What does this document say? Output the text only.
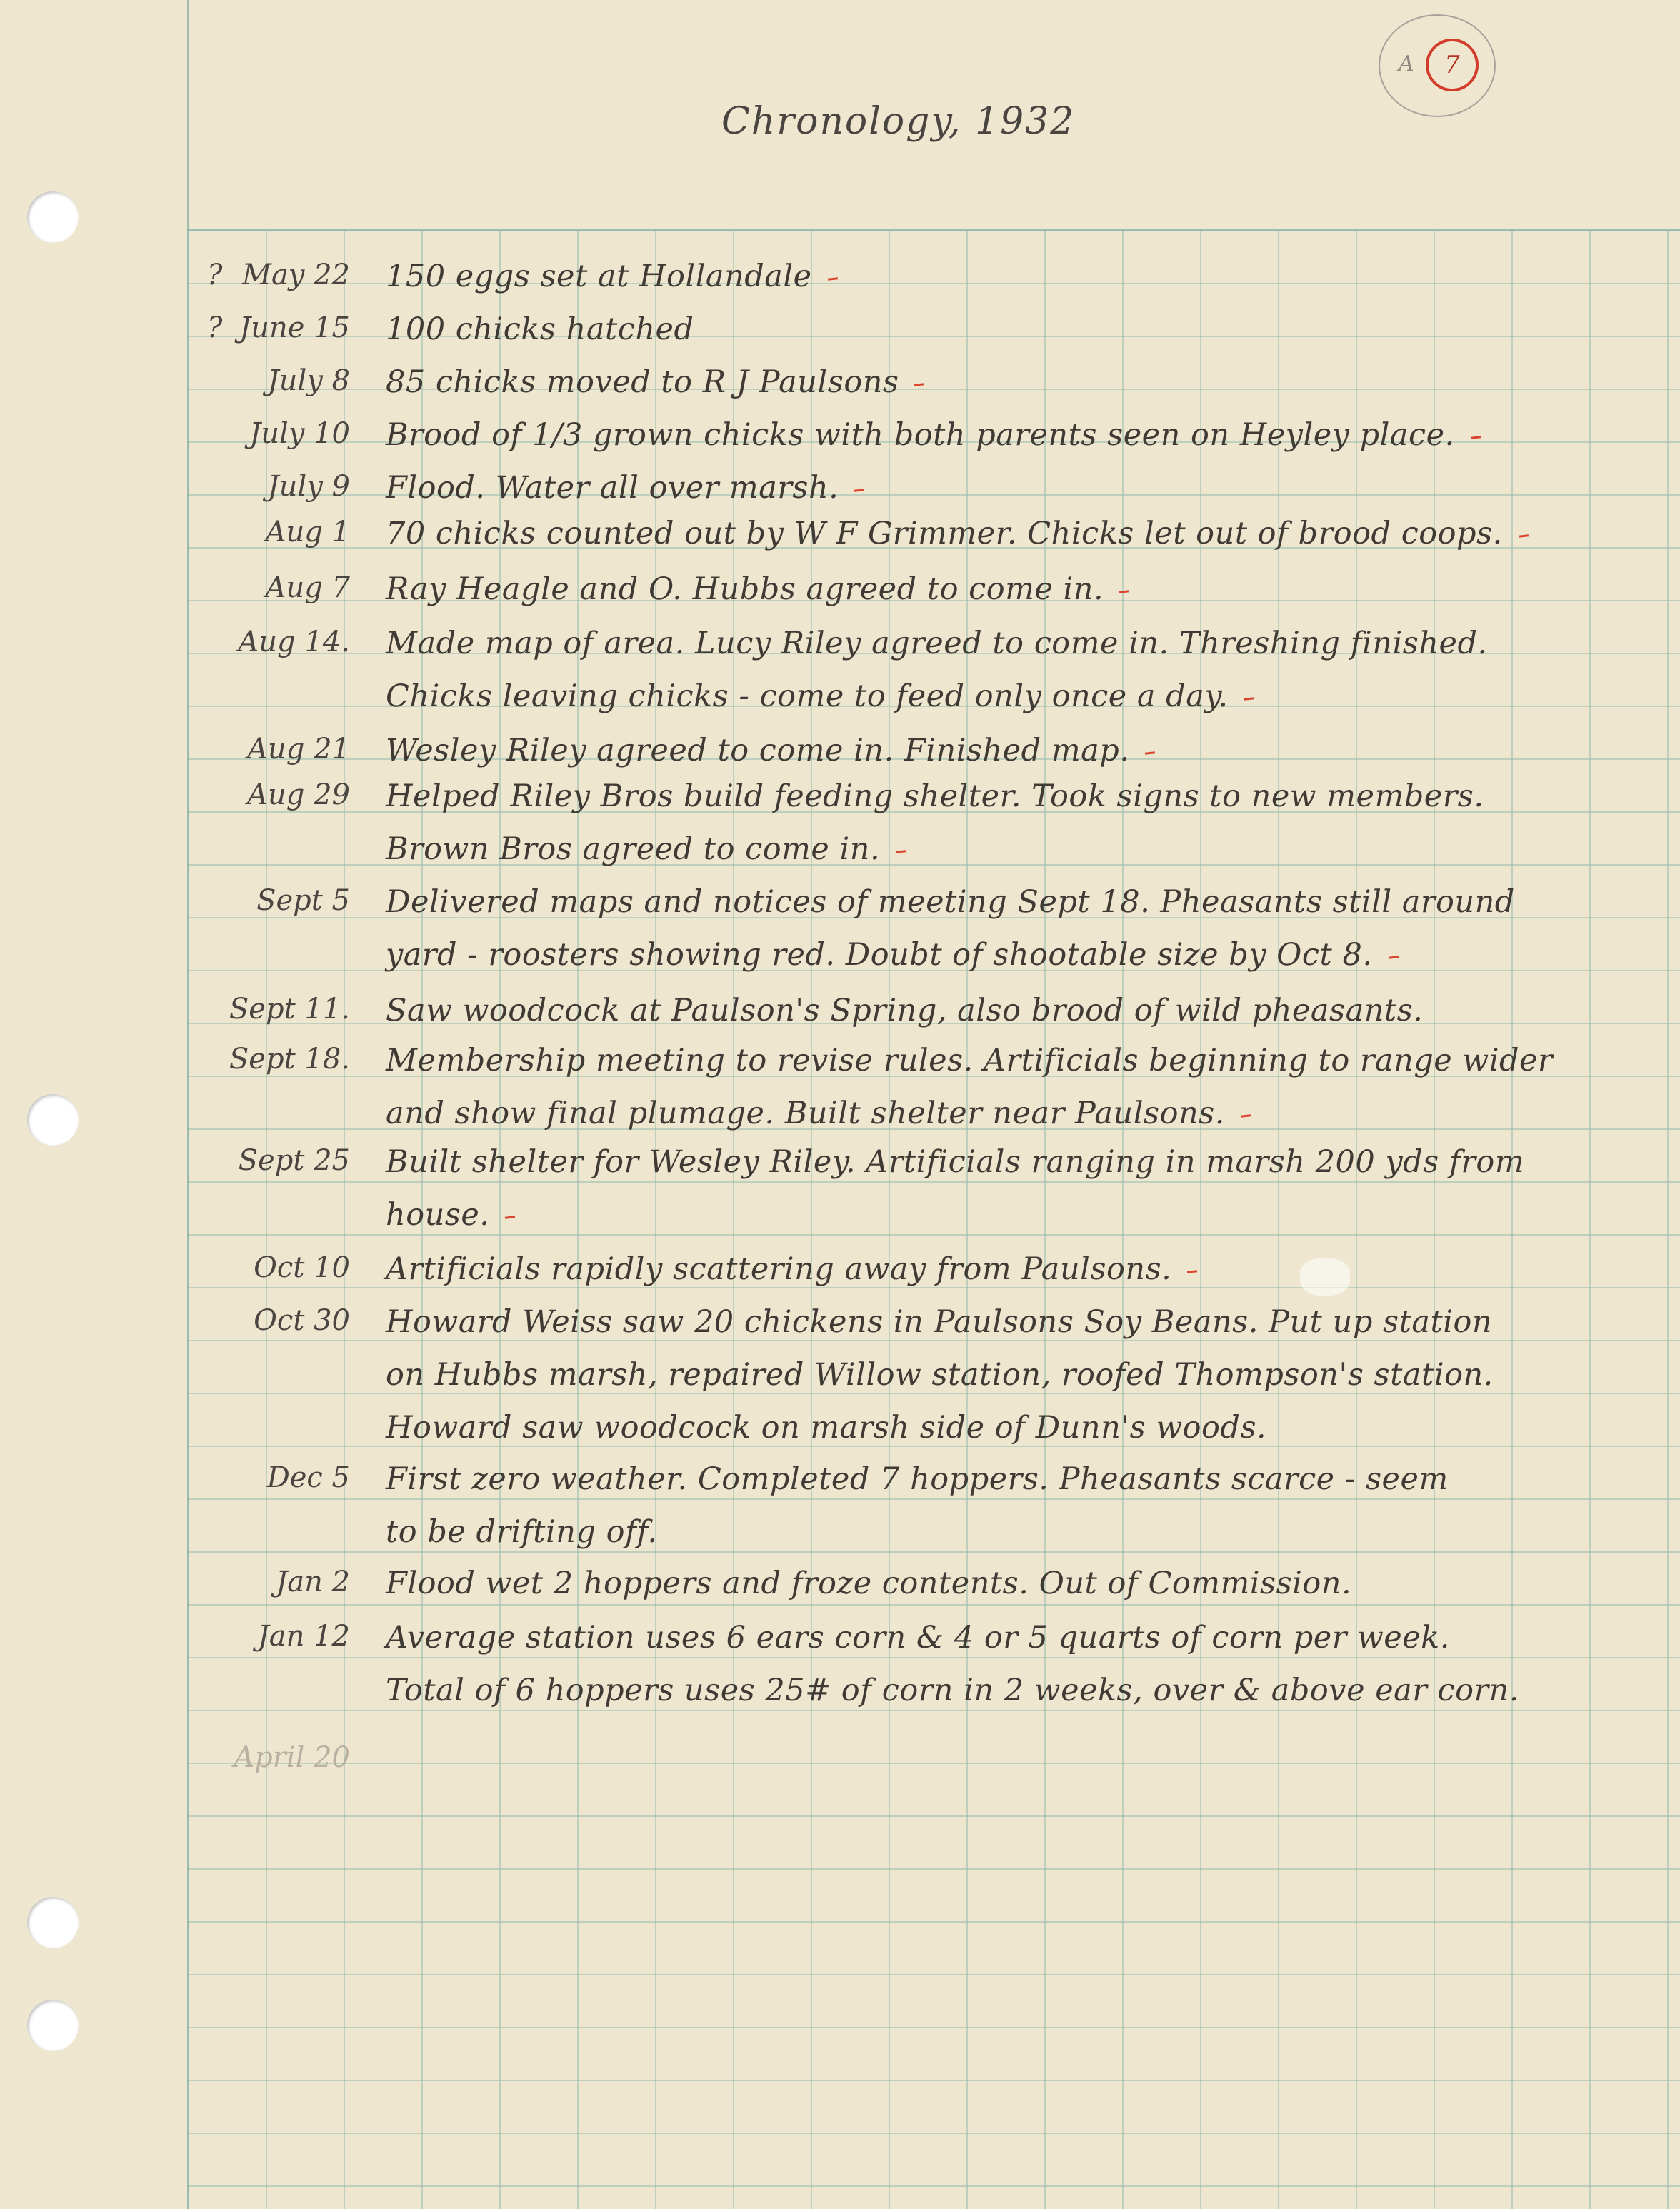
Chronology, 1932
A	7
? May 22 150 eggs set at Hollandale
? June 15 100 chicks hatched
July 8 85 chicks moved to R J Paulsons
July 10 Brood of 1/3 grown chicks with both parents seen on Heyley place.
July 9 Flood. Water all over marsh.
Aug 1 70 chicks counted out by W F Grimmer. Chicks let out of brood coops.
Aug 7 Ray Heagle and O. Hubbs agreed to come in.
Aug 14. Made map of area. Lucy Riley agreed to come in. Threshing finished.
Chicks leaving chicks - come to feed only once a day.
Aug 21 Wesley Riley agreed to come in. Finished map.
Aug 29 Helped Riley Bros build feeding shelter. Took signs to new members.
Brown Bros agreed to come in.
Sept 5 Delivered maps and notices of meeting Sept 18. Pheasants still around
yard - roosters showing red. Doubt of shootable size by Oct 8.
Sept 11. Saw woodcock at Paulson's Spring, also brood of wild pheasants.
Sept 18. Membership meeting to revise rules. Artificials beginning to range wider
and show final plumage. Built shelter near Paulsons.
Sept 25 Built shelter for Wesley Riley. Artificials ranging in marsh 200 yds from
house.
Oct 10 Artificials rapidly scattering away from Paulsons.
Oct 30 Howard Weiss saw 20 chickens in Paulsons Soy Beans. Put up station
on Hubbs marsh, repaired Willow station, roofed Thompson's station.
Howard saw woodcock on marsh side of Dunn's woods.
Dec 5 First zero weather. Completed 7 hoppers. Pheasants scarce - seem
to be drifting off.
Jan 2 Flood wet 2 hoppers and froze contents. Out of Commission.
Jan 12 Average station uses 6 ears corn & 4 or 5 quarts of corn per week.
Total of 6 hoppers uses 25# of corn in 2 weeks, over & above ear corn.
April 20
